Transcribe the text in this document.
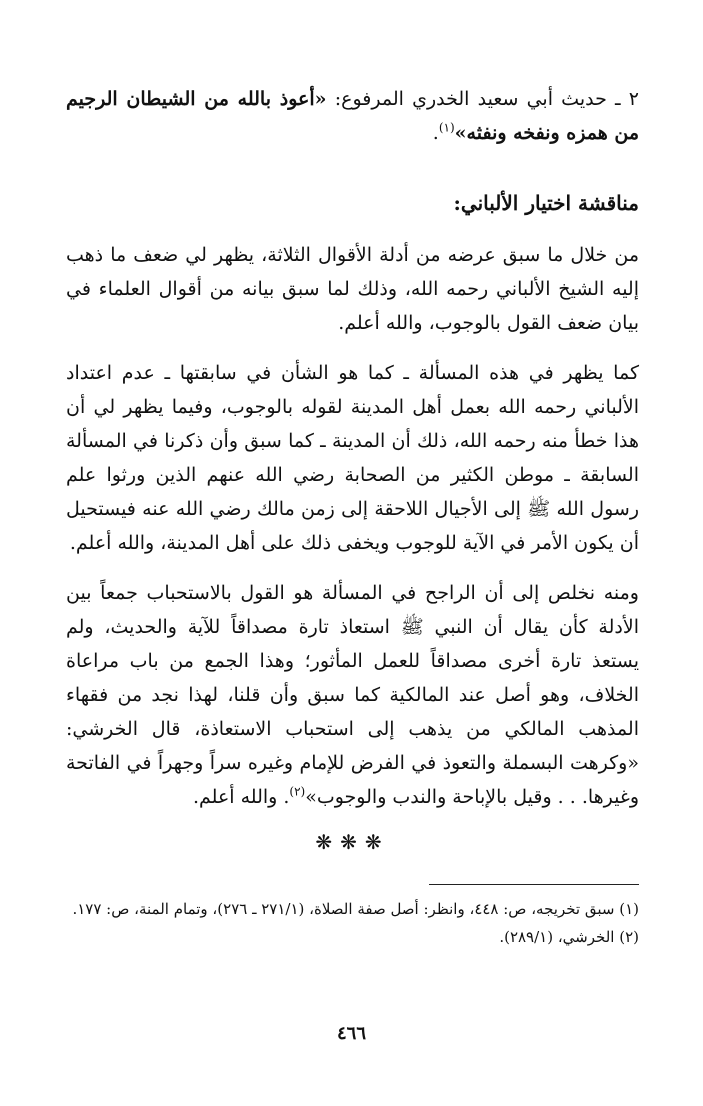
٢ ـ حديث أبي سعيد الخدري المرفوع: «أعوذ بالله من الشيطان الرجيم من همزه ونفخه ونفثه»$^{(١)}$.

مناقشة اختيار الألباني:

من خلال ما سبق عرضه من أدلة الأقوال الثلاثة، يظهر لي ضعف ما ذهب إليه الشيخ الألباني رحمه الله، وذلك لما سبق بيانه من أقوال العلماء في بيان ضعف القول بالوجوب، والله أعلم.

كما يظهر في هذه المسألة ـ كما هو الشأن في سابقتها ـ عدم اعتداد الألباني رحمه الله بعمل أهل المدينة لقوله بالوجوب، وفيما يظهر لي أن هذا خطأ منه رحمه الله، ذلك أن المدينة ـ كما سبق وأن ذكرنا في المسألة السابقة ـ موطن الكثير من الصحابة رضي الله عنهم الذين ورثوا علم رسول الله ﷺ إلى الأجيال اللاحقة إلى زمن مالك رضي الله عنه فيستحيل أن يكون الأمر في الآية للوجوب ويخفى ذلك على أهل المدينة، والله أعلم.

ومنه نخلص إلى أن الراجح في المسألة هو القول بالاستحباب جمعاً بين الأدلة كأن يقال أن النبي ﷺ استعاذ تارة مصداقاً للآية والحديث، ولم يستعذ تارة أخرى مصداقاً للعمل المأثور؛ وهذا الجمع من باب مراعاة الخلاف، وهو أصل عند المالكية كما سبق وأن قلنا، لهذا نجد من فقهاء المذهب المالكي من يذهب إلى استحباب الاستعاذة، قال الخرشي: «وكرهت البسملة والتعوذ في الفرض للإمام وغيره سراً وجهراً في الفاتحة وغيرها. . . وقيل بالإباحة والندب والوجوب»$^{(٢)}$. والله أعلم.

❋❋❋

(١) سبق تخريجه، ص: ٤٤٨، وانظر: أصل صفة الصلاة، (٢٧١/١ ـ ٢٧٦)، وتمام المنة، ص: ١٧٧.

(٢) الخرشي، (٢٨٩/١).

٤٦٦
